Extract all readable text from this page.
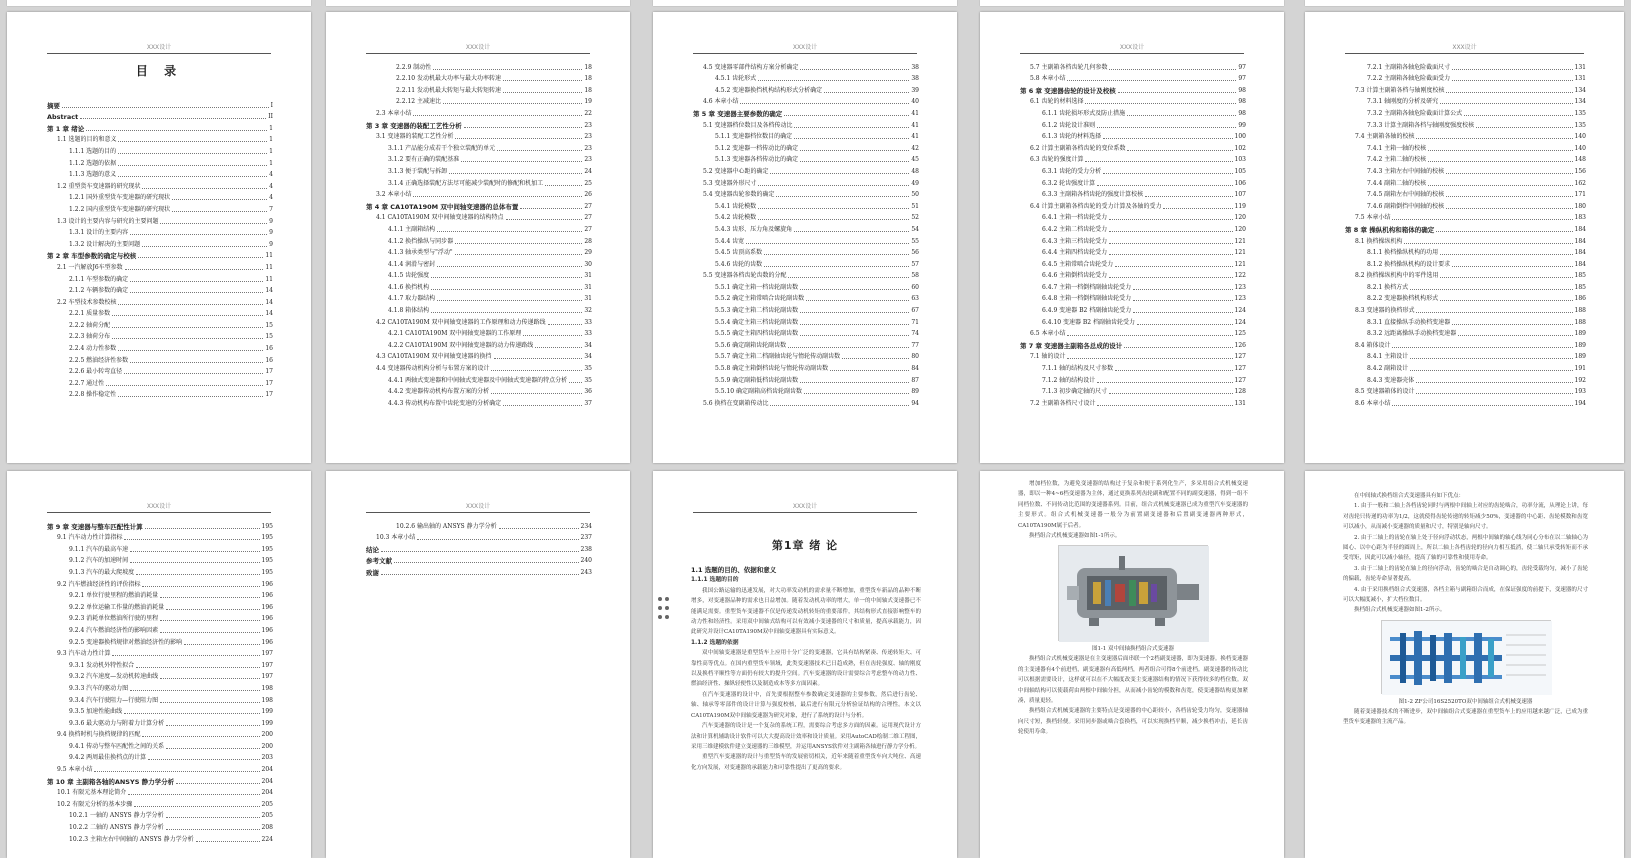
XXX设计
目 录
摘要	I
Abstract	II
第 1 章 绪论	1
1.1 选题的目的和意义	1
1.1.1 选题的目的	1
1.1.2 选题的依据	1
1.1.3 选题的意义	4
1.2 重型货车变速器的研究现状	4
1.2.1 国外重型货车变速器的研究现状	4
1.2.2 国内重型货车变速器的研究现状	7
1.3 设计的主要内容与研究的主要问题	9
1.3.1 设计的主要内容	9
1.3.2 设计解决的主要问题	9
第 2 章 车型参数的确定与校核	11
2.1 一汽解放J6车型参数	11
2.1.1 车型参数的确定	11
2.1.2 车辆参数的确定	14
2.2 车型技术参数校核	14
2.2.1 质量参数	14
2.2.2 轴荷分配	15
2.2.3 轴荷分布	15
2.2.4 动力性参数	16
2.2.5 燃油经济性参数	16
2.2.6 最小转弯直径	17
2.2.7 通过性	17
2.2.8 操作稳定性	17
XXX设计
2.2.9 制动性	18
2.2.10 发动机最大功率与最大功率转速	18
2.2.11 发动机最大转矩与最大转矩转速	18
2.2.12 主减速比	19
2.3 本章小结	22
第 3 章 变速器的装配工艺性分析	23
3.1 变速器的装配工艺性分析	23
3.1.1 产品能分成若干个独立装配的单元	23
3.1.2 要有正确的装配基准	23
3.1.3 便于装配与拆卸	24
3.1.4 正确选择装配方法尽可能减少装配时的修配和机加工	25
3.2 本章小结	26
第 4 章 CA10TA190M 双中间轴变速器的总体布置	27
4.1 CA10TA190M 双中间轴变速器的结构特点	27
4.1.1 主副箱结构	27
4.1.2 换挡操纵与同步器	28
4.1.3 轴承类型与"浮动"	29
4.1.4 润滑与密封	30
4.1.5 齿轮强度	31
4.1.6 换挡机构	31
4.1.7 取力器结构	31
4.1.8 箱体结构	32
4.2 CA10TA190M 双中间轴变速器的工作原理和动力传递路线	33
4.2.1 CA10TA190M 双中间轴变速器的工作原理	33
4.2.2 CA10TA190M 双中间轴变速器的动力传递路线	34
4.3 CA10TA190M 双中间轴变速器的换挡	34
4.4 变速器传动机构分析与布置方案的设计	35
4.4.1 两轴式变速器和中间轴式变速器及中间轴式变速器的特点分析	35
4.4.2 变速器传动机构布置方案的分析	36
4.4.3 传动机构布置中齿轮变速的分析确定	37
XXX设计
4.5 变速器零部件结构方案分析确定	38
4.5.1 齿轮形式	38
4.5.2 变速器换挡机构结构形式分析确定	39
4.6 本章小结	40
第 5 章 变速器主要参数的确定	41
5.1 变速器档位数目及各档传动比	41
5.1.1 变速器档位数目的确定	41
5.1.2 变速器一档传动比的确定	42
5.1.3 变速器各档传动比的确定	45
5.2 变速器中心距的确定	48
5.3 变速器外形尺寸	49
5.4 变速器齿轮参数的确定	50
5.4.1 齿轮模数	51
5.4.2 齿轮模数	52
5.4.3 齿形、压力角及螺旋角	54
5.4.4 齿宽	55
5.4.5 齿顶高系数	56
5.4.6 齿轮的齿数	57
5.5 变速器各档齿轮齿数的分配	58
5.5.1 确定主箱一档齿轮副齿数	60
5.5.2 确定主箱常啮合齿轮副齿数	63
5.5.3 确定主箱二档齿轮副齿数	67
5.5.4 确定主箱三档齿轮副齿数	71
5.5.5 确定主箱四档齿轮副齿数	74
5.5.6 确定副箱齿轮副齿数	77
5.5.7 确定主箱二档副轴齿轮与惰轮传动副齿数	80
5.5.8 确定主箱倒档齿轮与惰轮传动副齿数	84
5.5.9 确定副箱低档齿轮副齿数	87
5.5.10 确定副箱高档齿轮副齿数	89
5.6 换档在变副箱传动比	94
XXX设计
5.7 主副箱各档齿轮几何参数	97
5.8 本章小结	97
第 6 章 变速器齿轮的设计及校核	98
6.1 齿轮的材料选择	98
6.1.1 齿轮损坏形式及防止措施	98
6.1.2 齿轮设计准则	99
6.1.3 齿轮的材料选择	100
6.2 计算主副箱各档齿轮的变位系数	102
6.3 齿轮的强度计算	103
6.3.1 齿轮的受力分析	105
6.3.2 轮齿强度计算	106
6.3.3 主副箱各档齿轮的强度计算校核	107
6.4 计算主副箱各档齿轮的受力计算及各轴的受力	119
6.4.1 主箱一档齿轮受力	120
6.4.2 主箱二档齿轮受力	120
6.4.3 主箱三档齿轮受力	121
6.4.4 主箱四档齿轮受力	121
6.4.5 主箱常啮合齿轮受力	121
6.4.6 主箱倒档齿轮受力	122
6.4.7 主箱一档倒档副轴齿轮受力	123
6.4.8 主箱一档倒档副轴齿轮受力	123
6.4.9 变速器 B2 档副轴齿轮受力	124
6.4.10 变速器 B2 档副轴齿轮受力	124
6.5 本章小结	125
第 7 章 变速器主副箱各总成的设计	126
7.1 轴的设计	127
7.1.1 轴的结构及尺寸参数	127
7.1.2 轴的结构设计	127
7.1.3 初步确定轴的尺寸	128
7.2 主副箱各档尺寸设计	131
XXX设计
7.2.1 主副箱各轴危险截面尺寸	131
7.2.2 主副箱各轴危险截面受力	131
7.3 计算主副箱各档与轴刚度校核	134
7.3.1 轴刚度的分析及研究	134
7.3.2 主副箱各轴危险截面计算公式	135
7.3.3 计算主副箱各档与轴刚度强度校核	135
7.4 主副箱各轴的校核	140
7.4.1 主箱一轴的校核	140
7.4.2 主箱二轴的校核	148
7.4.3 主箱左右中间轴的校核	156
7.4.4 副箱二轴的校核	162
7.4.5 副箱左右中间轴的校核	171
7.4.6 副箱倒挡中间轴的校核	180
7.5 本章小结	183
第 8 章 操纵机构和箱体的确定	184
8.1 换档操纵机构	184
8.1.1 换档操纵机构的功用	184
8.1.2 换档操纵机构的设计要求	184
8.2 换档操纵机构中的零件选用	185
8.2.1 换档方式	185
8.2.2 变速器换档机构形式	186
8.3 变速器的换档形式	188
8.3.1 直接操纵手动换档变速器	188
8.3.2 远距离操纵手动换档变速器	189
8.4 箱体设计	189
8.4.1 主箱设计	189
8.4.2 副箱设计	191
8.4.3 变速器壳体	192
8.5 变速器箱体的设计	193
8.6 本章小结	194
XXX设计
第 9 章 变速器与整车匹配性计算	195
9.1 汽车动力性计算指标	195
9.1.1 汽车的最高车速	195
9.1.2 汽车的加速时间	195
9.1.3 汽车的最大爬坡度	195
9.2 汽车燃油经济性的评价指标	196
9.2.1 单位行驶里程的燃油消耗量	196
9.2.2 单位运输工作量的燃油消耗量	196
9.2.3 消耗单位燃油所行驶的里程	196
9.2.4 汽车燃油经济性的影响因素	196
9.2.5 变速器换档规律对燃油经济性的影响	196
9.3 汽车动力性计算	197
9.3.1 发动机外特性拟合	197
9.3.2 汽车速度—发动机转速曲线	197
9.3.3 汽车的驱动力图	198
9.3.4 汽车行驶阻力—行驶阻力图	198
9.3.5 加速性能曲线	199
9.3.6 最大驱动力与附着力计算分析	199
9.4 换档时机与换档规律的匹配	200
9.4.1 传动与整车匹配性之间的关系	200
9.4.2 两周最佳换档点的计算	203
9.5 本章小结	204
第 10 章 主副箱各轴的ANSYS 静力学分析	204
10.1 有限元基本理论简介	204
10.2 有限元分析的基本步骤	205
10.2.1 一轴的 ANSYS 静力学分析	205
10.2.2 二轴的 ANSYS 静力学分析	208
10.2.3 主箱左右中间轴的 ANSYS 静力学分析	224
XXX设计
10.2.6 输出轴的 ANSYS 静力学分析	234
10.3 本章小结	237
结论	238
参考文献	240
致谢	243
XXX设计
第1章 绪 论
1.1 选题的目的、依据和意义
1.1.1 选题的目的

我国公路运输的迅速发展，对大功率发动机的需求量不断增加，重型货车新品的品种不断增多，对变速器品种的需求也日益增加。随着发动机功率的增大，单一的中间轴式变速器已不能满足需要。重型货车变速器不仅是传递发动机转矩的重要部件，其结构形式直接影响整车的动力性和经济性。采用双中间轴式结构可以有效减小变速器的尺寸和质量，提高承载能力，因此研究并设计CA10TA190M双中间轴变速器具有实际意义。

1.1.2 选题的依据

双中间轴变速器是重型货车上应用十分广泛的变速器，它具有结构紧凑、传递转矩大、可靠性高等优点。在国内重型货车领域，此类变速器技术已日趋成熟，但在齿轮强度、轴的刚度以及换档平顺性等方面仍有较大的提升空间。汽车变速器的设计需要综合考虑整车的动力性、燃油经济性、操纵轻便性以及制造成本等多方面因素。

在汽车变速器的设计中，首先要根据整车参数确定变速器的主要参数，然后进行齿轮、轴、轴承等零部件的设计计算与强度校核，最后进行有限元分析验证结构的合理性。本文以CA10TA190M双中间轴变速器为研究对象，进行了系统的设计与分析。

汽车变速器的设计是一个复杂的系统工程，需要综合考虑多方面的因素。运用现代设计方法和计算机辅助设计软件可以大大提高设计效率和设计质量。采用AutoCAD绘制二维工程图，采用三维建模软件建立变速器的三维模型，并运用ANSYS软件对主副箱各轴进行静力学分析。

重型汽车变速器的设计与重型货车的发展密切相关，近年来随着重型货车向大吨位、高速化方向发展，对变速器的承载能力和可靠性提出了更高的要求。

增加档位数，为避免变速器的结构过于复杂和便于系列化生产，多采用组合式机械变速器，即以一种4~6档变速器为主体，通过更换系列齿轮副和配置不同的副变速器，得到一组不同档位数、不同传动比范围的变速器系列。目前，组合式机械变速器已成为重型汽车变速器的主要形式。组合式机械变速器一般分为前置副变速器和后置副变速器两种形式，CA10TA190M属于后者。

换档组合式机械变速器如图1-1所示。

图1-1 双中间轴换档组合式变速器

换档组合式机械变速器是在主变速器后面串联一个2档副变速器，即为变速器。换档变速器的主变速器有4个前进档，副变速器有高低两档，两者组合可得8个前进档。副变速器的传动比可以根据需要设计，这样就可以在不大幅度改变主变速器结构的情况下获得较多的档位数。双中间轴结构可以使载荷由两根中间轴分担，从而减小齿轮的模数和齿宽，使变速器结构更加紧凑，质量更轻。

换档组合式机械变速器的主要特点是变速器的中心距较小，各档齿轮受力均匀，变速器轴向尺寸短，换档轻便。采用同步器或啮合套换档，可以实现换档平顺，减少换档冲击，延长齿轮使用寿命。

在中间轴式换档组合式变速器具有如下优点：

1. 由于一般和二轴上各档齿轮同时与两根中间轴上对应的齿轮啮合，功率分流，从理论上讲，每对齿轮只传递的功率为1/2，这就使得齿轮传递的转矩减少50%，变速器的中心距、齿轮模数和齿宽可以减小，从而减小变速器的质量和尺寸，特别是轴向尺寸。

2. 由于二轴上的齿轮在轴上处于径向浮动状态，两根中间轴的轴心线为同心分布在以二轴轴心为圆心、以中心距为半径的圆周上，所以二轴上各档齿轮的径向力相互抵消，使二轴只承受转矩而不承受弯矩，因此可以减小轴径，提高了轴的可靠性和使用寿命。

3. 由于二轴上的齿轮在轴上的径向浮动，齿轮的啮合是自动调心的，齿轮受载均匀，减小了齿轮的偏载，齿轮寿命显著提高。

4. 由于采用换档组合式变速器，各档主箱与副箱组合而成，在保证强度的前提下，变速器的尺寸可以大幅度减小，扩大档位数目。

换档组合式机械变速器如图1-2所示。

图1-2 ZF公司16S2520TO双中间轴组合式机械变速器

随着变速器技术的不断进步，双中间轴组合式变速器在重型货车上的应用越来越广泛，已成为重型货车变速器的主流产品。
